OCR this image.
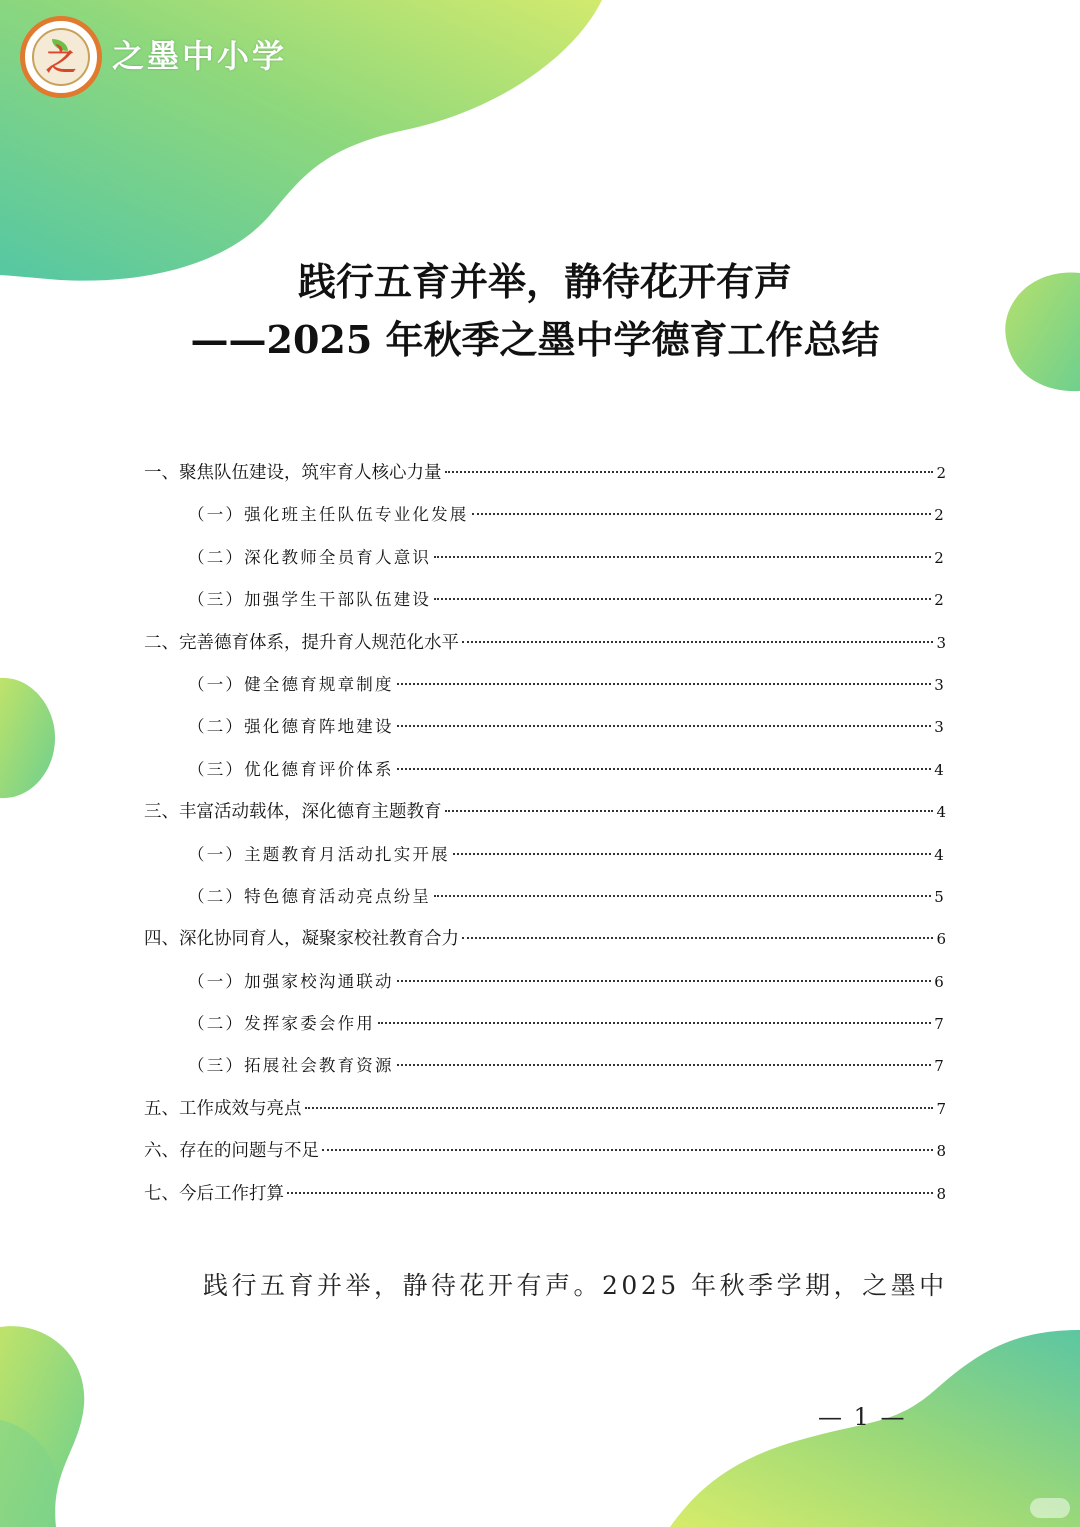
之	之墨中小学
践行五育并举，静待花开有声
——2025 年秋季之墨中学德育工作总结
一、聚焦队伍建设，筑牢育人核心力量	2
（一）强化班主任队伍专业化发展	2
（二）深化教师全员育人意识	2
（三）加强学生干部队伍建设	2
二、完善德育体系，提升育人规范化水平	3
（一）健全德育规章制度	3
（二）强化德育阵地建设	3
（三）优化德育评价体系	4
三、丰富活动载体，深化德育主题教育	4
（一）主题教育月活动扎实开展	4
（二）特色德育活动亮点纷呈	5
四、深化协同育人，凝聚家校社教育合力	6
（一）加强家校沟通联动	6
（二）发挥家委会作用	7
（三）拓展社会教育资源	7
五、工作成效与亮点	7
六、存在的问题与不足	8
七、今后工作打算	8
践行五育并举，静待花开有声。2025 年秋季学期，之墨中
— 1 —
